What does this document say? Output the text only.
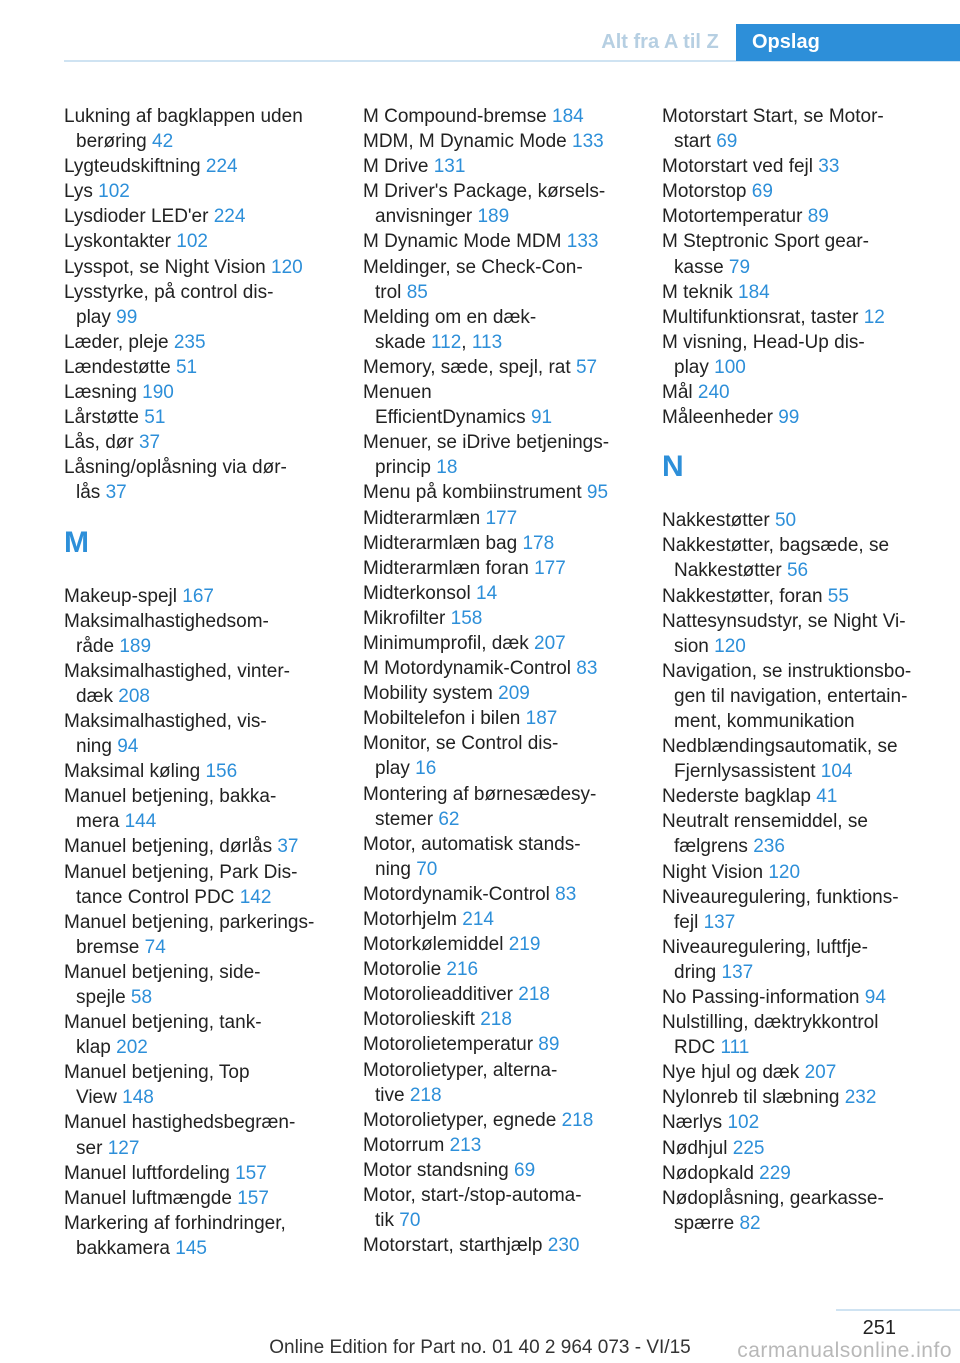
Alt fra A til Z	Opslag
Lukning af bagklappen uden
berøring 42
Lygteudskiftning 224
Lys 102
Lysdioder LED'er 224
Lyskontakter 102
Lysspot, se Night Vision 120
Lysstyrke, på control dis-
play 99
Læder, pleje 235
Lændestøtte 51
Læsning 190
Lårstøtte 51
Lås, dør 37
Låsning/oplåsning via dør-
lås 37
M
Makeup-spejl 167
Maksimalhastighedsom-
råde 189
Maksimalhastighed, vinter-
dæk 208
Maksimalhastighed, vis-
ning 94
Maksimal køling 156
Manuel betjening, bakka-
mera 144
Manuel betjening, dørlås 37
Manuel betjening, Park Dis-
tance Control PDC 142
Manuel betjening, parkerings-
bremse 74
Manuel betjening, side-
spejle 58
Manuel betjening, tank-
klap 202
Manuel betjening, Top
View 148
Manuel hastighedsbegræn-
ser 127
Manuel luftfordeling 157
Manuel luftmængde 157
Markering af forhindringer,
bakkamera 145
M Compound-bremse 184
MDM, M Dynamic Mode 133
M Drive 131
M Driver's Package, kørsels-
anvisninger 189
M Dynamic Mode MDM 133
Meldinger, se Check-Con-
trol 85
Melding om en dæk-
skade 112, 113
Memory, sæde, spejl, rat 57
Menuen
EfficientDynamics 91
Menuer, se iDrive betjenings-
princip 18
Menu på kombiinstrument 95
Midterarmlæn 177
Midterarmlæn bag 178
Midterarmlæn foran 177
Midterkonsol 14
Mikrofilter 158
Minimumprofil, dæk 207
M Motordynamik-Control 83
Mobility system 209
Mobiltelefon i bilen 187
Monitor, se Control dis-
play 16
Montering af børnesædesy-
stemer 62
Motor, automatisk stands-
ning 70
Motordynamik-Control 83
Motorhjelm 214
Motorkølemiddel 219
Motorolie 216
Motorolieadditiver 218
Motorolieskift 218
Motorolietemperatur 89
Motorolietyper, alterna-
tive 218
Motorolietyper, egnede 218
Motorrum 213
Motor standsning 69
Motor, start-/stop-automa-
tik 70
Motorstart, starthjælp 230
Motorstart Start, se Motor-
start 69
Motorstart ved fejl 33
Motorstop 69
Motortemperatur 89
M Steptronic Sport gear-
kasse 79
M teknik 184
Multifunktionsrat, taster 12
M visning, Head-Up dis-
play 100
Mål 240
Måleenheder 99
N
Nakkestøtter 50
Nakkestøtter, bagsæde, se
Nakkestøtter 56
Nakkestøtter, foran 55
Nattesynsudstyr, se Night Vi-
sion 120
Navigation, se instruktionsbo-
gen til navigation, entertain-
ment, kommunikation
Nedblændingsautomatik, se
Fjernlysassistent 104
Nederste bagklap 41
Neutralt rensemiddel, se
fælgrens 236
Night Vision 120
Niveauregulering, funktions-
fejl 137
Niveauregulering, luftfje-
dring 137
No Passing-information 94
Nulstilling, dæktrykkontrol
RDC 111
Nye hjul og dæk 207
Nylonreb til slæbning 232
Nærlys 102
Nødhjul 225
Nødopkald 229
Nødoplåsning, gearkasse-
spærre 82
251
Online Edition for Part no. 01 40 2 964 073 - VI/15	carmanualsonline.info
